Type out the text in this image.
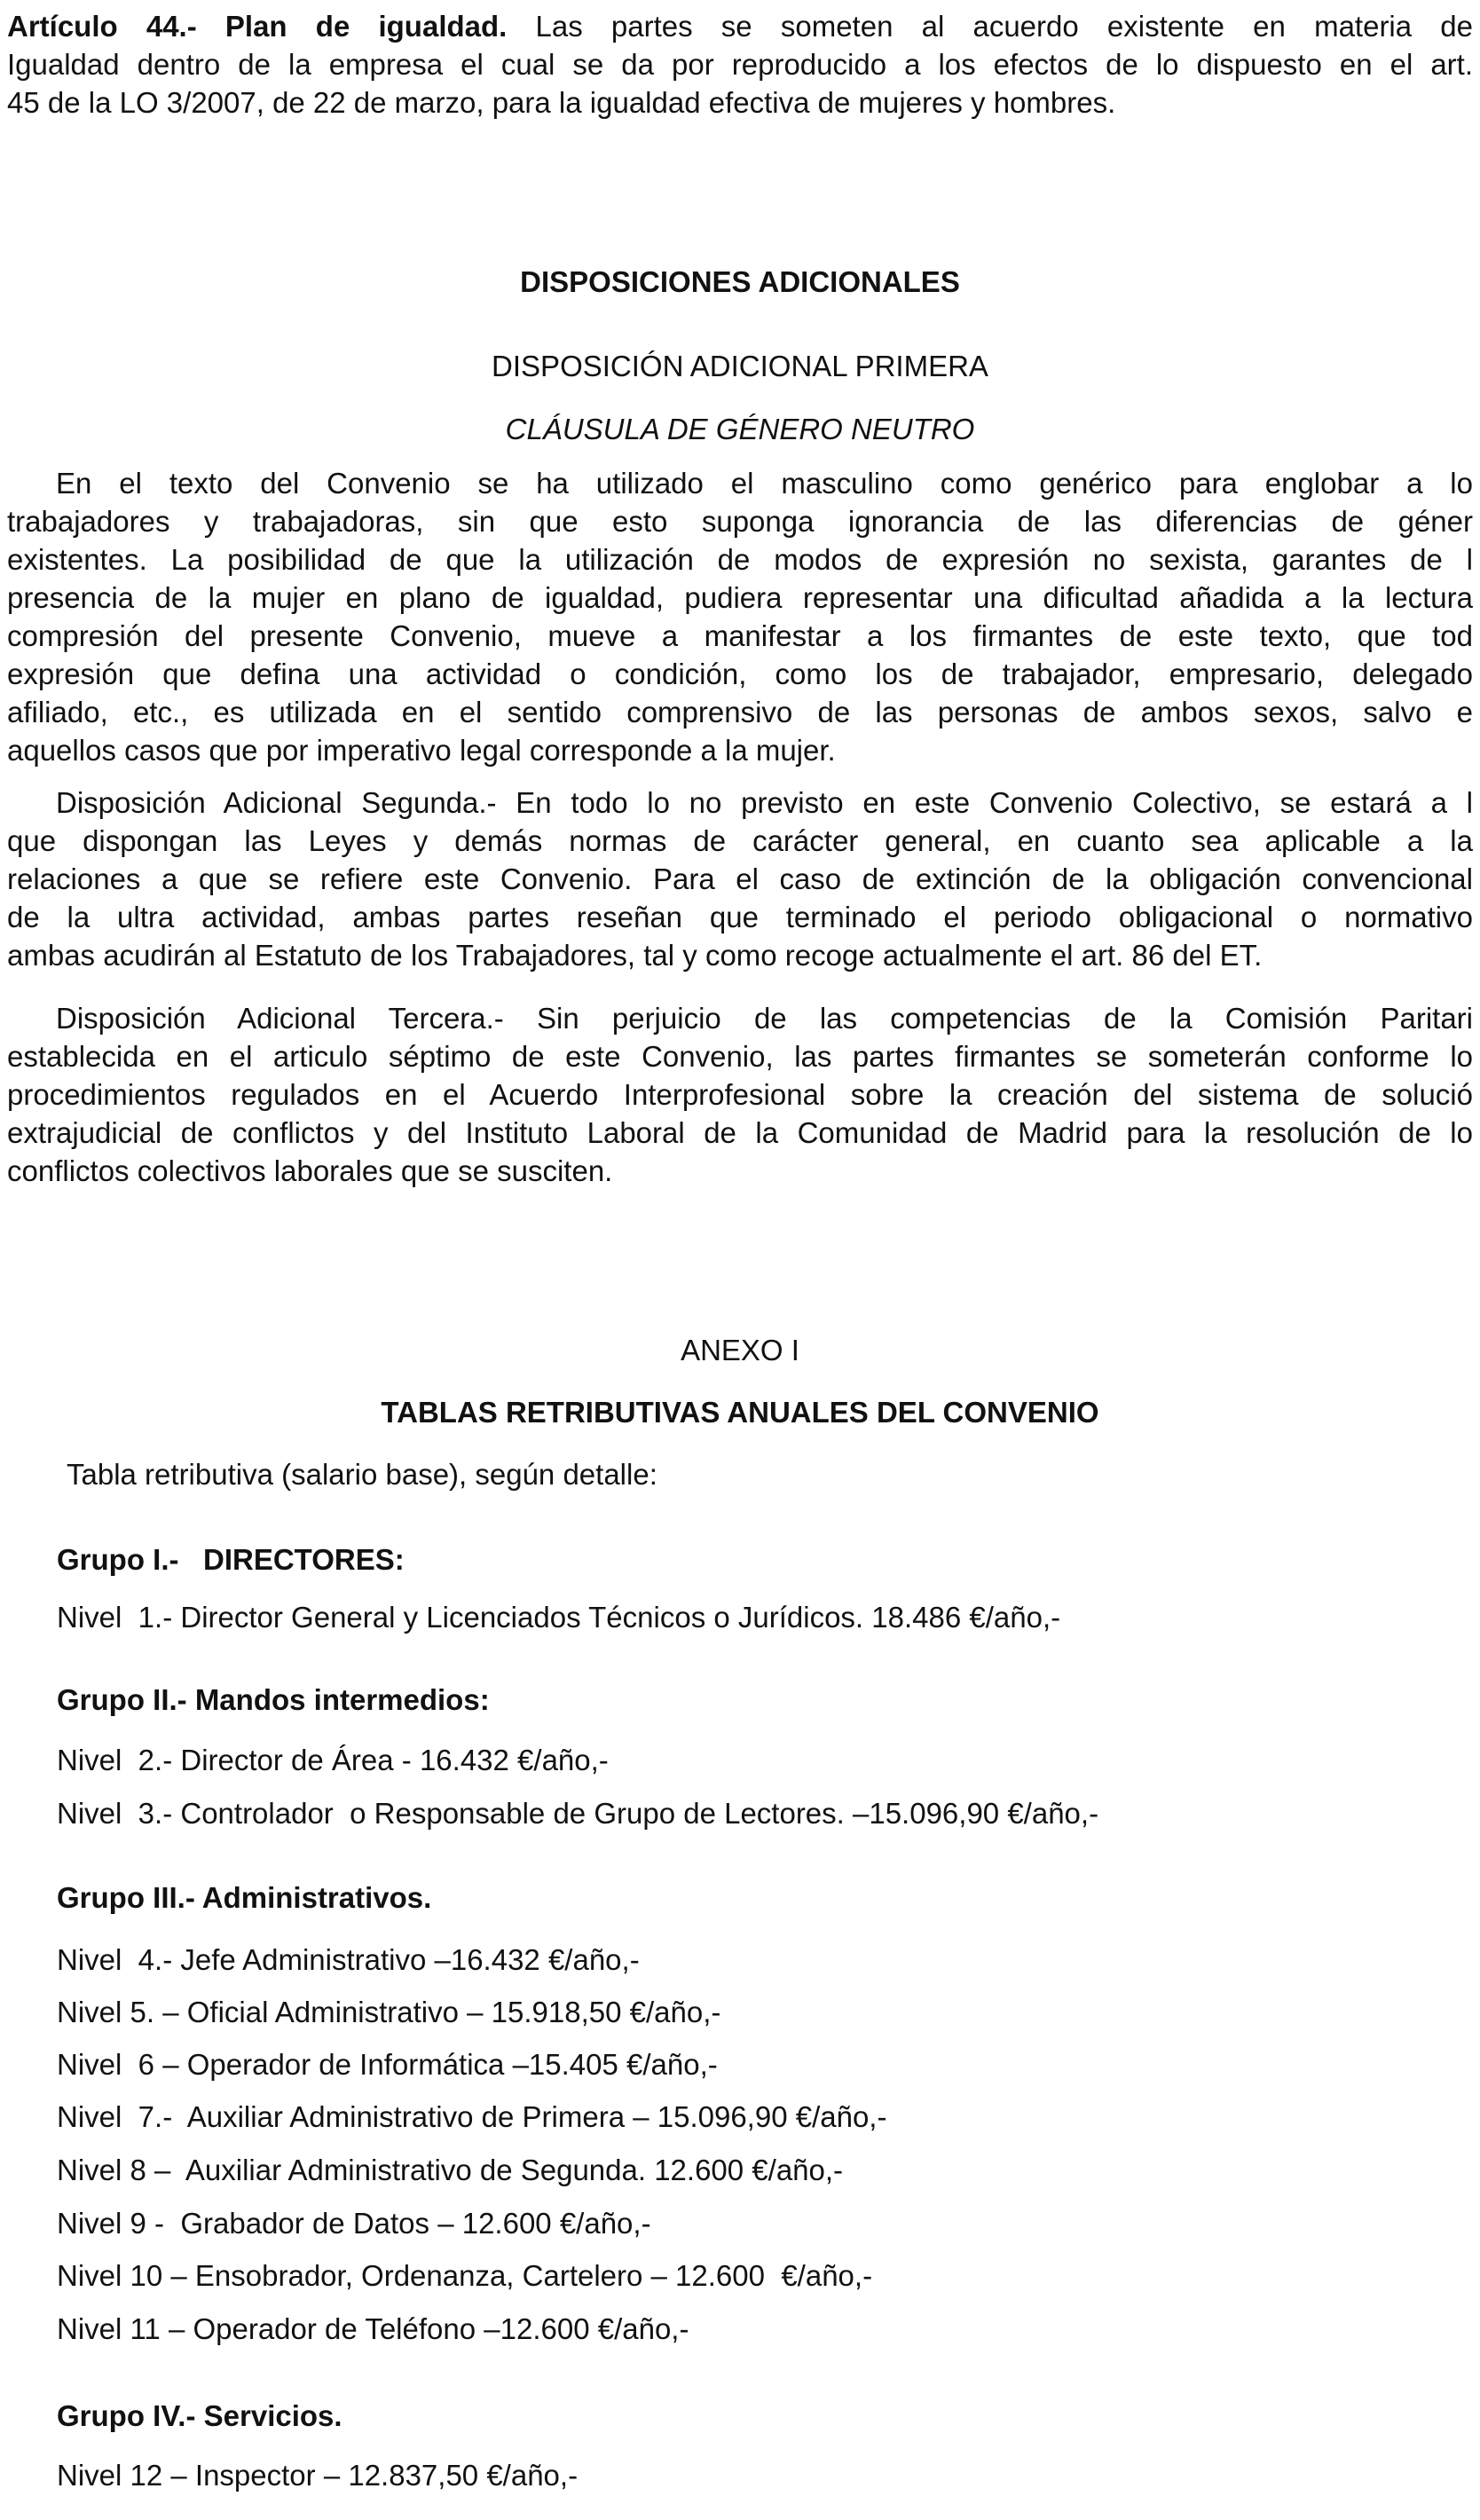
Artículo 44.- Plan de igualdad. Las partes se someten al acuerdo existente en materia de
Igualdad dentro de la empresa el cual se da por reproducido a los efectos de lo dispuesto en el art.
45 de la LO 3/2007, de 22 de marzo, para la igualdad efectiva de mujeres y hombres.
DISPOSICIONES ADICIONALES
DISPOSICIÓN ADICIONAL PRIMERA
CLÁUSULA DE GÉNERO NEUTRO
En el texto del Convenio se ha utilizado el masculino como genérico para englobar a lo
trabajadores y trabajadoras, sin que esto suponga ignorancia de las diferencias de géner
existentes. La posibilidad de que la utilización de modos de expresión no sexista, garantes de l
presencia de la mujer en plano de igualdad, pudiera representar una dificultad añadida a la lectura
compresión del presente Convenio, mueve a manifestar a los firmantes de este texto, que tod
expresión que defina una actividad o condición, como los de trabajador, empresario, delegado
afiliado, etc., es utilizada en el sentido comprensivo de las personas de ambos sexos, salvo e
aquellos casos que por imperativo legal corresponde a la mujer.
Disposición Adicional Segunda.- En todo lo no previsto en este Convenio Colectivo, se estará a l
que dispongan las Leyes y demás normas de carácter general, en cuanto sea aplicable a la
relaciones a que se refiere este Convenio. Para el caso de extinción de la obligación convencional
de la ultra actividad, ambas partes reseñan que terminado el periodo obligacional o normativo
ambas acudirán al Estatuto de los Trabajadores, tal y como recoge actualmente el art. 86 del ET.
Disposición Adicional Tercera.- Sin perjuicio de las competencias de la Comisión Paritari
establecida en el articulo séptimo de este Convenio, las partes firmantes se someterán conforme lo
procedimientos regulados en el Acuerdo Interprofesional sobre la creación del sistema de solució
extrajudicial de conflictos y del Instituto Laboral de la Comunidad de Madrid para la resolución de lo
conflictos colectivos laborales que se susciten.
ANEXO I
TABLAS RETRIBUTIVAS ANUALES DEL CONVENIO
Tabla retributiva (salario base), según detalle:
Grupo I.-   DIRECTORES:
Nivel  1.- Director General y Licenciados Técnicos o Jurídicos. 18.486 €/año,-
Grupo II.- Mandos intermedios:
Nivel  2.- Director de Área - 16.432 €/año,-
Nivel  3.- Controlador  o Responsable de Grupo de Lectores. –15.096,90 €/año,-
Grupo III.- Administrativos.
Nivel  4.- Jefe Administrativo –16.432 €/año,-
Nivel 5. – Oficial Administrativo – 15.918,50 €/año,-
Nivel  6 – Operador de Informática –15.405 €/año,-
Nivel  7.-  Auxiliar Administrativo de Primera – 15.096,90 €/año,-
Nivel 8 –  Auxiliar Administrativo de Segunda. 12.600 €/año,-
Nivel 9 -  Grabador de Datos – 12.600 €/año,-
Nivel 10 – Ensobrador, Ordenanza, Cartelero – 12.600  €/año,-
Nivel 11 – Operador de Teléfono –12.600 €/año,-
Grupo IV.- Servicios.
Nivel 12 – Inspector – 12.837,50 €/año,-
